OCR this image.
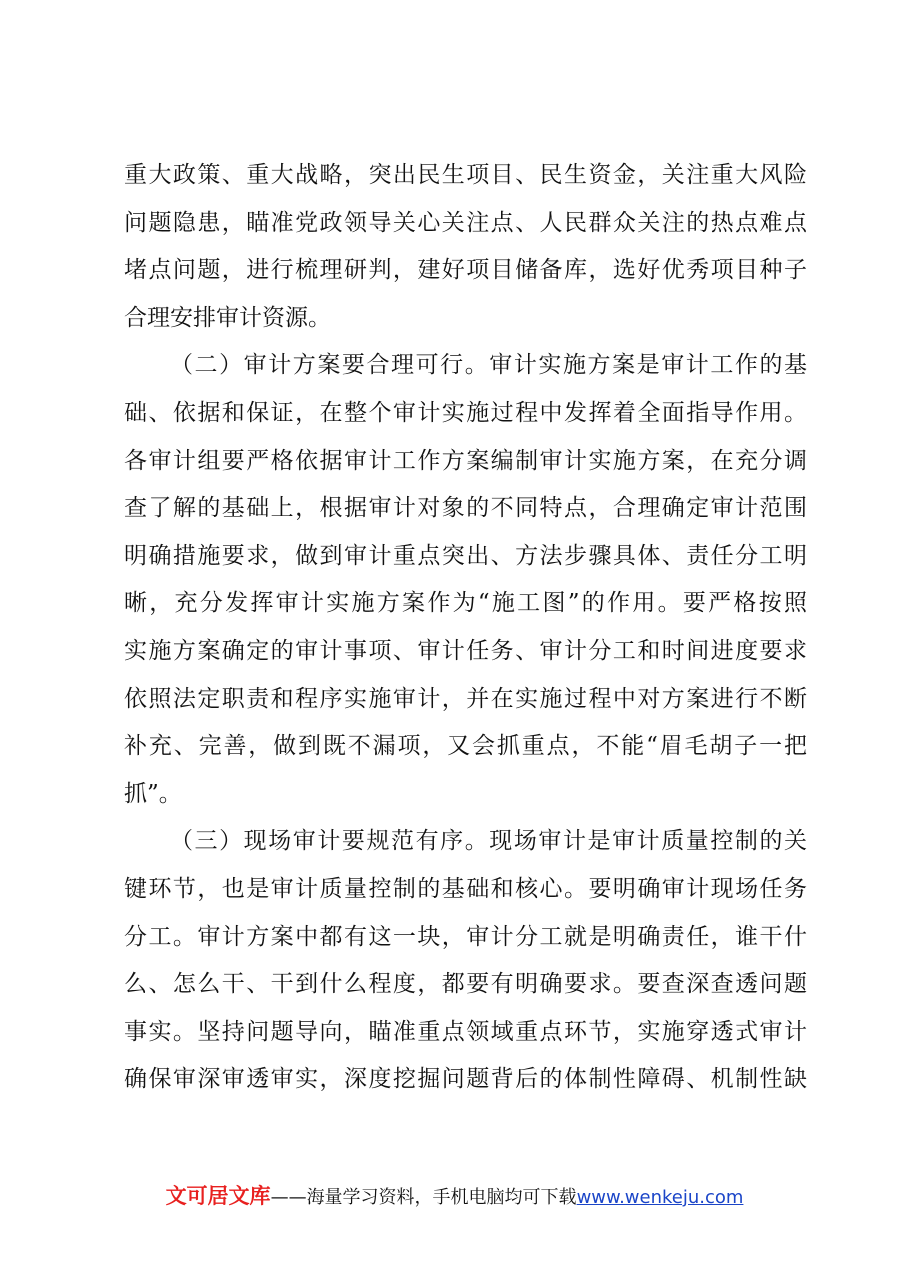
重大政策、重大战略，突出民生项目、民生资金，关注重大风险
问题隐患，瞄准党政领导关心关注点、人民群众关注的热点难点
堵点问题，进行梳理研判，建好项目储备库，选好优秀项目种子
合理安排审计资源。
（二）审计方案要合理可行。审计实施方案是审计工作的基
础、依据和保证，在整个审计实施过程中发挥着全面指导作用。
各审计组要严格依据审计工作方案编制审计实施方案，在充分调
查了解的基础上，根据审计对象的不同特点，合理确定审计范围
明确措施要求，做到审计重点突出、方法步骤具体、责任分工明
晰，充分发挥审计实施方案作为“施工图”的作用。要严格按照
实施方案确定的审计事项、审计任务、审计分工和时间进度要求
依照法定职责和程序实施审计，并在实施过程中对方案进行不断
补充、完善，做到既不漏项，又会抓重点，不能“眉毛胡子一把
抓”。
（三）现场审计要规范有序。现场审计是审计质量控制的关
键环节，也是审计质量控制的基础和核心。要明确审计现场任务
分工。审计方案中都有这一块，审计分工就是明确责任，谁干什
么、怎么干、干到什么程度，都要有明确要求。要查深查透问题
事实。坚持问题导向，瞄准重点领域重点环节，实施穿透式审计
确保审深审透审实，深度挖掘问题背后的体制性障碍、机制性缺
文可居文库——海量学习资料，手机电脑均可下载www.wenkeju.com
